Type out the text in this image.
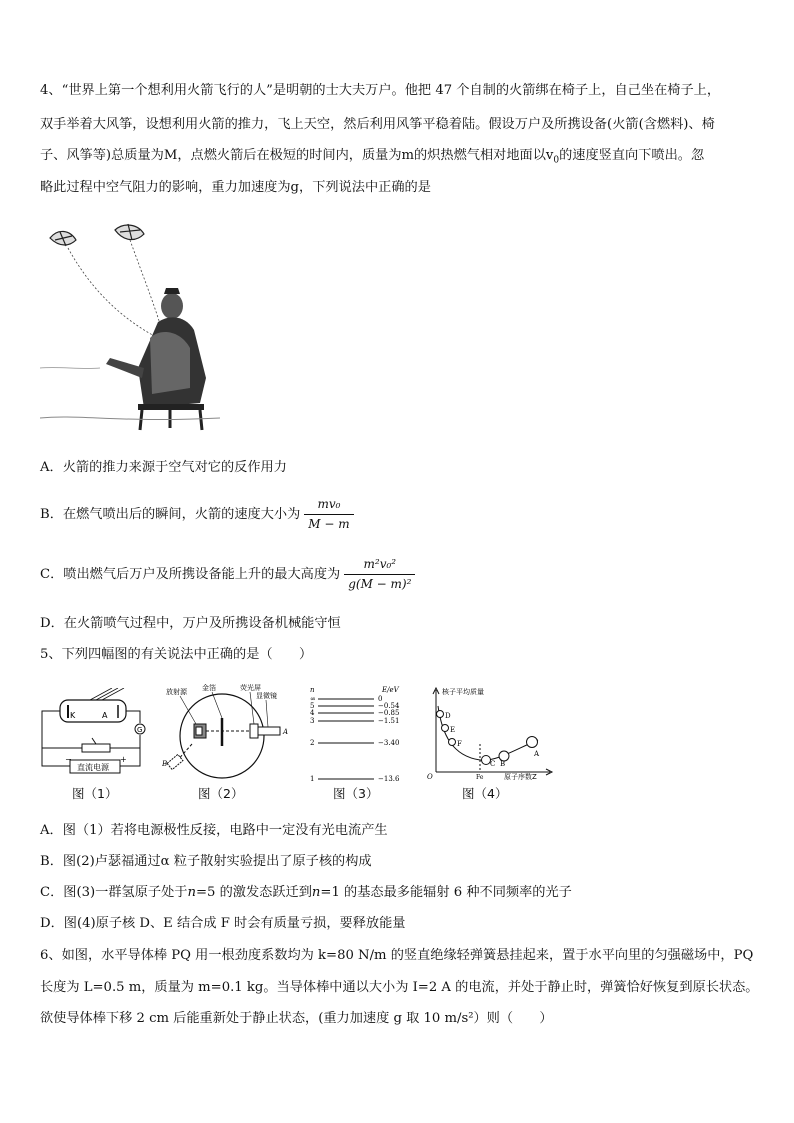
4、“世界上第一个想利用火箭飞行的人”是明朝的士大夫万户。他把 47 个自制的火箭绑在椅子上，自己坐在椅子上，
双手举着大风筝，设想利用火箭的推力，飞上天空，然后利用风筝平稳着陆。假设万户及所携设备(火箭(含燃料)、椅
子、风筝等)总质量为M，点燃火箭后在极短的时间内，质量为m的炽热燃气相对地面以$v_0$的速度竖直向下喷出。忽
略此过程中空气阻力的影响，重力加速度为g，下列说法中正确的是
A．火箭的推力来源于空气对它的反作用力
B．在燃气喷出后的瞬间，火箭的速度大小为 $\frac{\text{mv₀}}{M - m}$
C．喷出燃气后万户及所携设备能上升的最大高度为 $\frac{\text{m²v₀²}}{\text{g(M − m)²}}$
D．在火箭喷气过程中，万户及所携设备机械能守恒
5、下列四幅图的有关说法中正确的是（　　）
K	A
G
直流电源
−	+
图（1）
A
B
放射源 金箔	荧光屏
显微镜
图（2）
n	E/eV
∞	0
5	−0.54
4	−0.85
3	−1.51
2	−3.40
1	−13.6
图（3）
核子平均质量
原子序数Z
O	Fe
D
E
F
C B
A
图（4）
A．图（1）若将电源极性反接，电路中一定没有光电流产生
B．图(2)卢瑟福通过α 粒子散射实验提出了原子核的构成
C．图(3)一群氢原子处于n=5 的激发态跃迁到n=1 的基态最多能辐射 6 种不同频率的光子
D．图(4)原子核 D、E 结合成 F 时会有质量亏损，要释放能量
6、如图，水平导体棒 PQ 用一根劲度系数均为 k=80 N/m 的竖直绝缘轻弹簧悬挂起来，置于水平向里的匀强磁场中，PQ
长度为 L=0.5 m，质量为 m=0.1 kg。当导体棒中通以大小为 I=2 A 的电流，并处于静止时，弹簧恰好恢复到原长状态。
欲使导体棒下移 2 cm 后能重新处于静止状态，(重力加速度 g 取 10 m/s²）则（　　）
